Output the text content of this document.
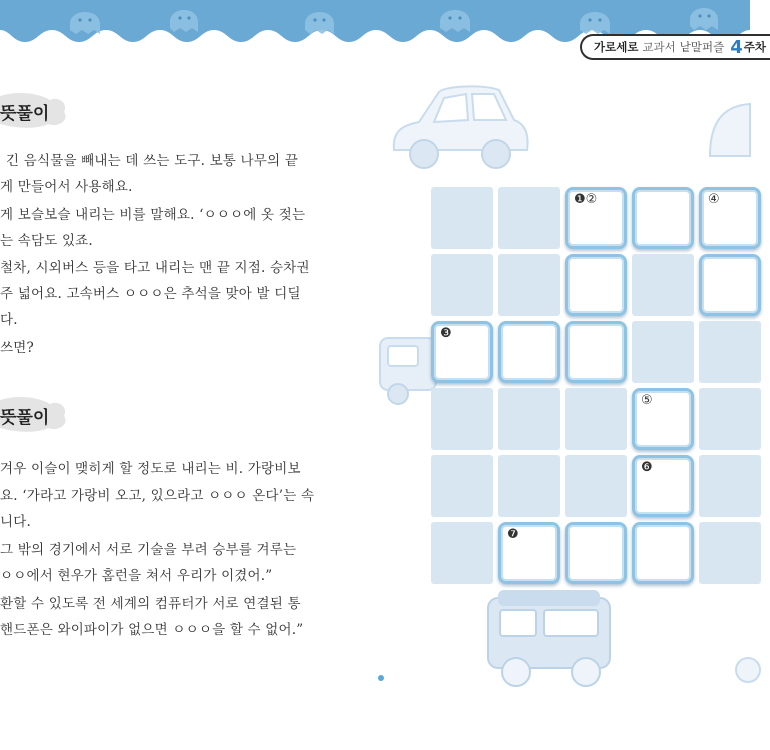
가로세로 교과서 낱말퍼즐 4 주차
뜻풀이
긴 음식물을 빼내는 데 쓰는 도구. 보통 나무의 끝
게 만들어서 사용해요.
게 보슬보슬 내리는 비를 말해요. ‘ㅇㅇㅇ에 옷 젖는
는 속담도 있죠.
철차, 시외버스 등을 타고 내리는 맨 끝 지점. 승차권
주 넓어요. 고속버스 ㅇㅇㅇ은 추석을 맞아 발 디딜
다.
쓰면?
뜻풀이
겨우 이슬이 맺히게 할 정도로 내리는 비. 가랑비보
요. ‘가라고 가랑비 오고, 있으라고 ㅇㅇㅇ 온다’는 속
니다.
그 밖의 경기에서 서로 기술을 부려 승부를 겨루는
ㅇㅇ에서 현우가 홈런을 쳐서 우리가 이겼어.”
환할 수 있도록 전 세계의 컴퓨터가 서로 연결된 통
핸드폰은 와이파이가 없으면 ㅇㅇㅇ을 할 수 없어.”
❶②	④
❸
⑤
❻
❼
